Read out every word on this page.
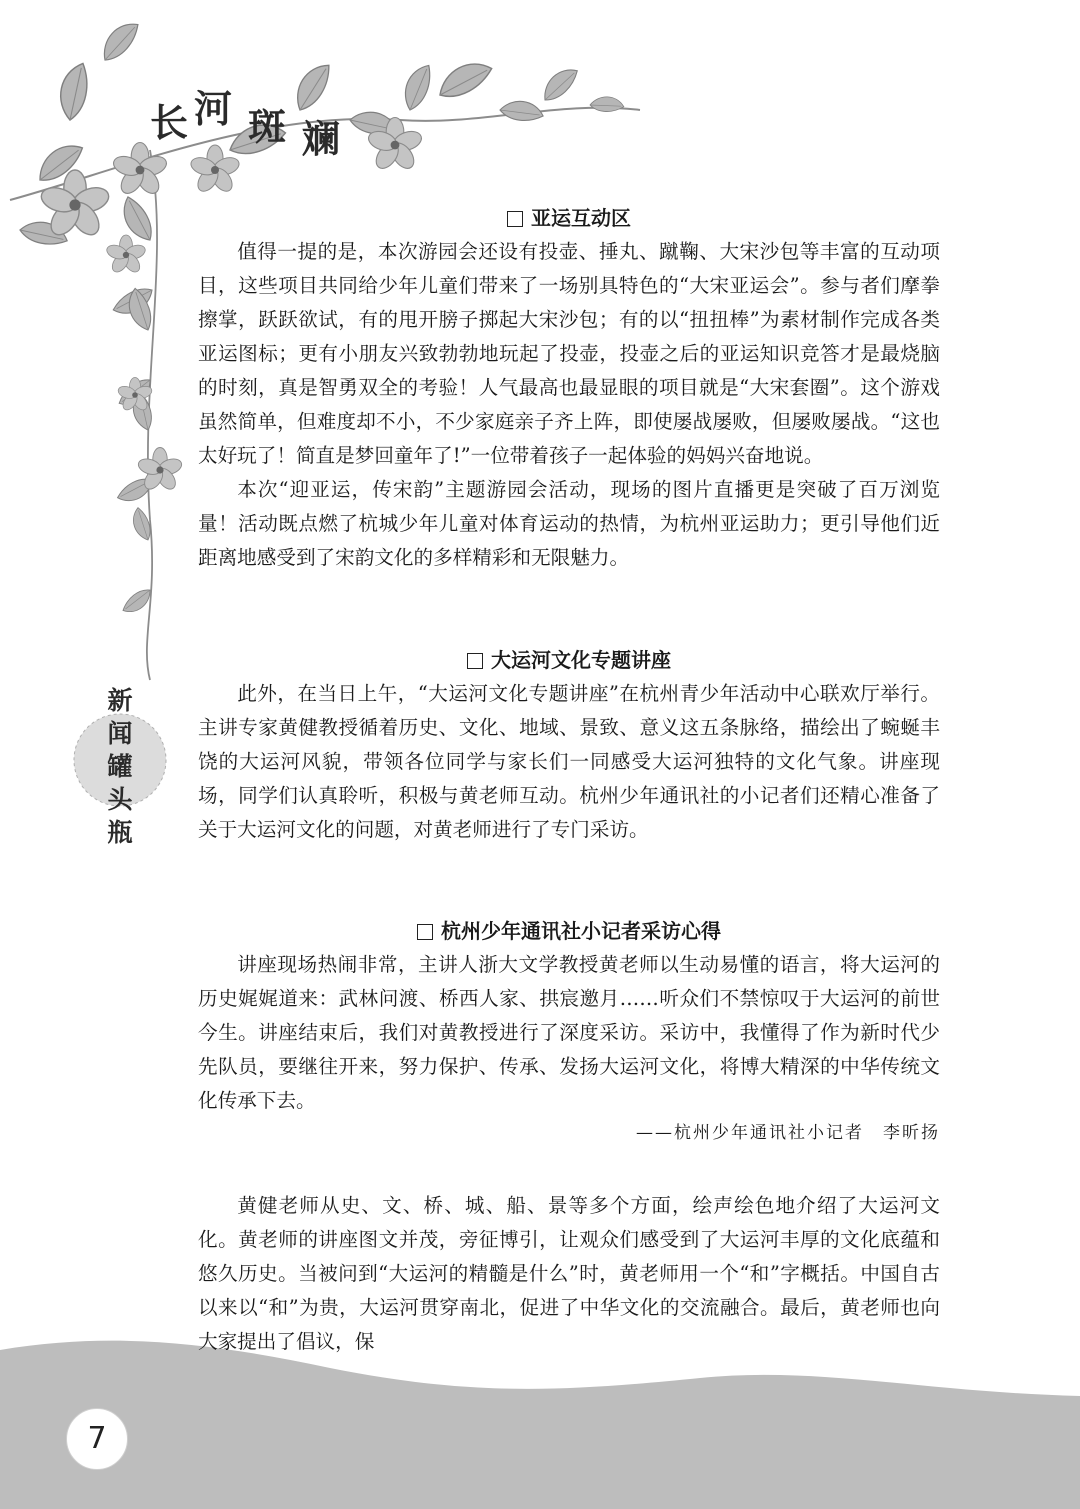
长 河 斑 斓
新
闻
罐
头
瓶
亚运互动区

值得一提的是，本次游园会还设有投壶、捶丸、蹴鞠、大宋沙包等丰富的互动项目，这些项目共同给少年儿童们带来了一场别具特色的“大宋亚运会”。参与者们摩拳擦掌，跃跃欲试，有的甩开膀子掷起大宋沙包；有的以“扭扭棒”为素材制作完成各类亚运图标；更有小朋友兴致勃勃地玩起了投壶，投壶之后的亚运知识竞答才是最烧脑的时刻，真是智勇双全的考验！人气最高也最显眼的项目就是“大宋套圈”。这个游戏虽然简单，但难度却不小，不少家庭亲子齐上阵，即使屡战屡败，但屡败屡战。“这也太好玩了！简直是梦回童年了!”一位带着孩子一起体验的妈妈兴奋地说。

本次“迎亚运，传宋韵”主题游园会活动，现场的图片直播更是突破了百万浏览量！活动既点燃了杭城少年儿童对体育运动的热情，为杭州亚运助力；更引导他们近距离地感受到了宋韵文化的多样精彩和无限魅力。

大运河文化专题讲座

此外，在当日上午，“大运河文化专题讲座”在杭州青少年活动中心联欢厅举行。主讲专家黄健教授循着历史、文化、地域、景致、意义这五条脉络，描绘出了蜿蜒丰饶的大运河风貌，带领各位同学与家长们一同感受大运河独特的文化气象。讲座现场，同学们认真聆听，积极与黄老师互动。杭州少年通讯社的小记者们还精心准备了关于大运河文化的问题，对黄老师进行了专门采访。

杭州少年通讯社小记者采访心得

讲座现场热闹非常，主讲人浙大文学教授黄老师以生动易懂的语言，将大运河的历史娓娓道来：武林问渡、桥西人家、拱宸邀月……听众们不禁惊叹于大运河的前世今生。讲座结束后，我们对黄教授进行了深度采访。采访中，我懂得了作为新时代少先队员，要继往开来，努力保护、传承、发扬大运河文化，将博大精深的中华传统文化传承下去。

——杭州少年通讯社小记者　李昕扬

黄健老师从史、文、桥、城、船、景等多个方面，绘声绘色地介绍了大运河文化。黄老师的讲座图文并茂，旁征博引，让观众们感受到了大运河丰厚的文化底蕴和悠久历史。当被问到“大运河的精髓是什么”时，黄老师用一个“和”字概括。中国自古以来以“和”为贵，大运河贯穿南北，促进了中华文化的交流融合。最后，黄老师也向大家提出了倡议，保

7
